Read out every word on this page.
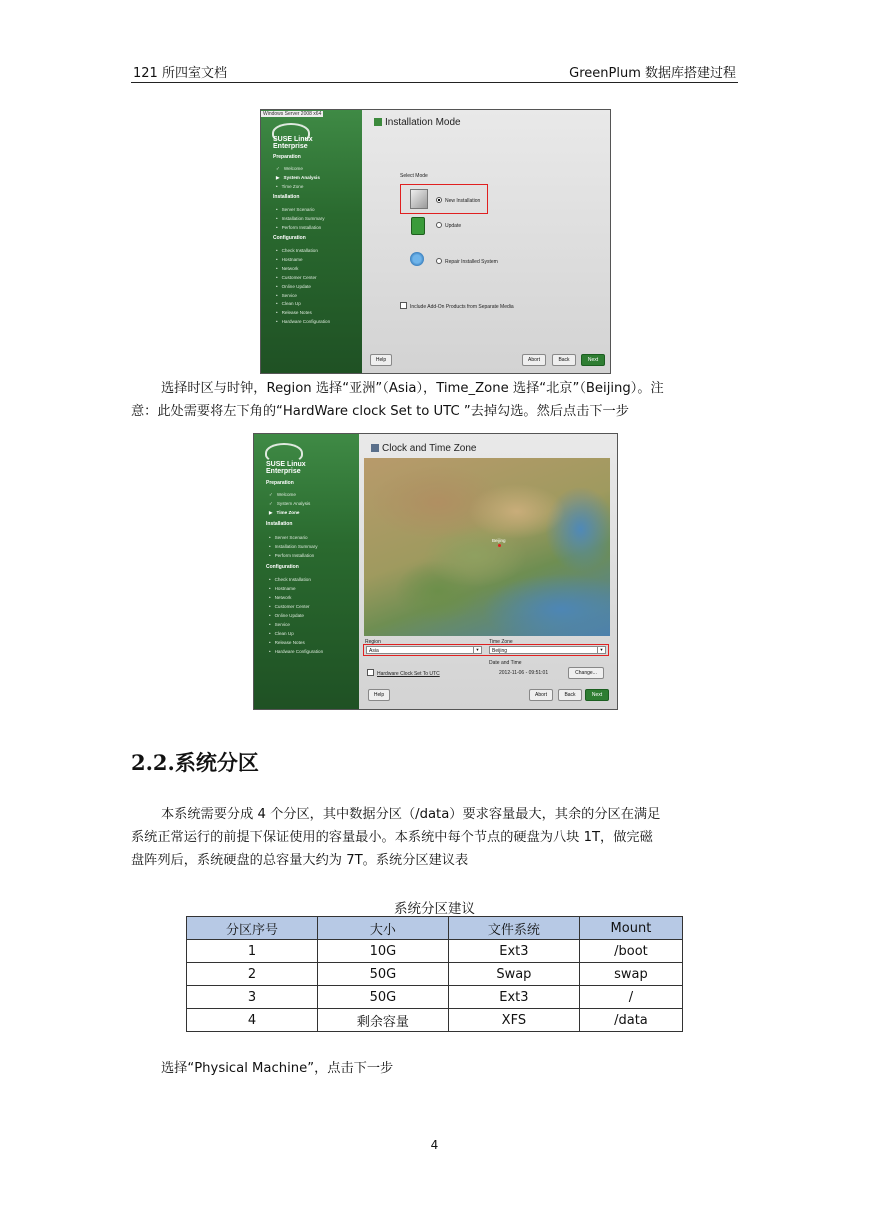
121 所四室文档	GreenPlum 数据库搭建过程
Windows Server 2008 x64
SUSE Linux
Enterprise
Preparation
✓ Welcome
▶ System Analysis
• Time Zone
Installation
• Server Scenario
• Installation Summary
• Perform Installation
Configuration
• Check Installation
• Hostname
• Network
• Customer Center
• Online Update
• Service
• Clean Up
• Release Notes
• Hardware Configuration
Installation Mode
Select Mode
New Installation
Update
Repair Installed System
Include Add-On Products from Separate Media
Help	Abort	Back	Next
选择时区与时钟，Region 选择“亚洲”（Asia），Time_Zone 选择“北京”（Beijing）。注
意：此处需要将左下角的“HardWare clock Set to UTC ”去掉勾选。然后点击下一步
SUSE Linux
Enterprise
Preparation
✓ Welcome
✓ System Analysis
▶ Time Zone
Installation
• Server Scenario
• Installation Summary
• Perform Installation
Configuration
• Check Installation
• Hostname
• Network
• Customer Center
• Online Update
• Service
• Clean Up
• Release Notes
• Hardware Configuration
Clock and Time Zone
Beijing
Region	Time Zone
Asia	▼	Beijing	▼
Date and Time
Hardware Clock Set To UTC	2012-11-06 - 09:51:01	Change...
Help	Abort	Back	Next
2.2.系统分区
本系统需要分成 4 个分区，其中数据分区（/data）要求容量最大，其余的分区在满足
系统正常运行的前提下保证使用的容量最小。本系统中每个节点的硬盘为八块 1T，做完磁
盘阵列后，系统硬盘的总容量大约为 7T。系统分区建议表
系统分区建议
分区序号	大小	文件系统	Mount
1	10G	Ext3	/boot
2	50G	Swap	swap
3	50G	Ext3	/
4	剩余容量	XFS	/data
选择“Physical Machine”，点击下一步
4
